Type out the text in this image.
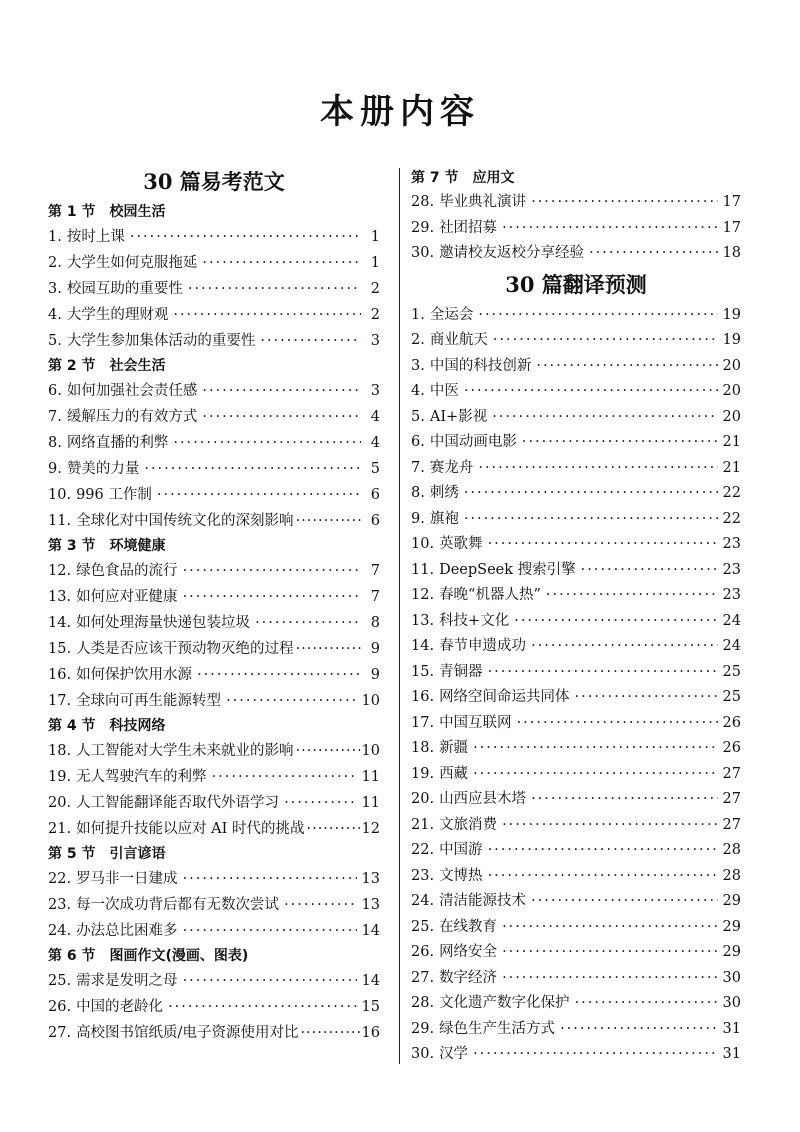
本册内容
30 篇易考范文
第 1 节 校园生活
1. 按时上课 ·····	1
2. 大学生如何克服拖延 ·····	1
3. 校园互助的重要性 ·····	2
4. 大学生的理财观 ·····	2
5. 大学生参加集体活动的重要性 ·····	3
第 2 节 社会生活
6. 如何加强社会责任感 ·····	3
7. 缓解压力的有效方式 ·····	4
8. 网络直播的利弊 ·····	4
9. 赞美的力量 ·····	5
10. 996 工作制 ·····	6
11. 全球化对中国传统文化的深刻影响 ·····	6
第 3 节 环境健康
12. 绿色食品的流行 ·····	7
13. 如何应对亚健康 ·····	7
14. 如何处理海量快递包装垃圾 ·····	8
15. 人类是否应该干预动物灭绝的过程 ·····	9
16. 如何保护饮用水源 ·····	9
17. 全球向可再生能源转型 ·····	10
第 4 节 科技网络
18. 人工智能对大学生未来就业的影响 ·····	10
19. 无人驾驶汽车的利弊 ·····	11
20. 人工智能翻译能否取代外语学习 ·····	11
21. 如何提升技能以应对 AI 时代的挑战 ·····	12
第 5 节 引言谚语
22. 罗马非一日建成 ·····	13
23. 每一次成功背后都有无数次尝试 ·····	13
24. 办法总比困难多 ·····	14
第 6 节 图画作文(漫画、图表)
25. 需求是发明之母 ·····	14
26. 中国的老龄化 ·····	15
27. 高校图书馆纸质/电子资源使用对比 ·····	16
第 7 节 应用文
28. 毕业典礼演讲 ·····	17
29. 社团招募 ·····	17
30. 邀请校友返校分享经验 ·····	18
30 篇翻译预测
1. 全运会 ·····	19
2. 商业航天 ·····	19
3. 中国的科技创新 ·····	20
4. 中医 ·····	20
5. AI+影视 ·····	20
6. 中国动画电影 ·····	21
7. 赛龙舟 ·····	21
8. 刺绣 ·····	22
9. 旗袍 ·····	22
10. 英歌舞 ·····	23
11. DeepSeek 搜索引擎 ·····	23
12. 春晚“机器人热” ·····	23
13. 科技+文化 ·····	24
14. 春节申遗成功 ·····	24
15. 青铜器 ·····	25
16. 网络空间命运共同体 ·····	25
17. 中国互联网 ·····	26
18. 新疆 ·····	26
19. 西藏 ·····	27
20. 山西应县木塔 ·····	27
21. 文旅消费 ·····	27
22. 中国游 ·····	28
23. 文博热 ·····	28
24. 清洁能源技术 ·····	29
25. 在线教育 ·····	29
26. 网络安全 ·····	29
27. 数字经济 ·····	30
28. 文化遗产数字化保护 ·····	30
29. 绿色生产生活方式 ·····	31
30. 汉学 ·····	31
